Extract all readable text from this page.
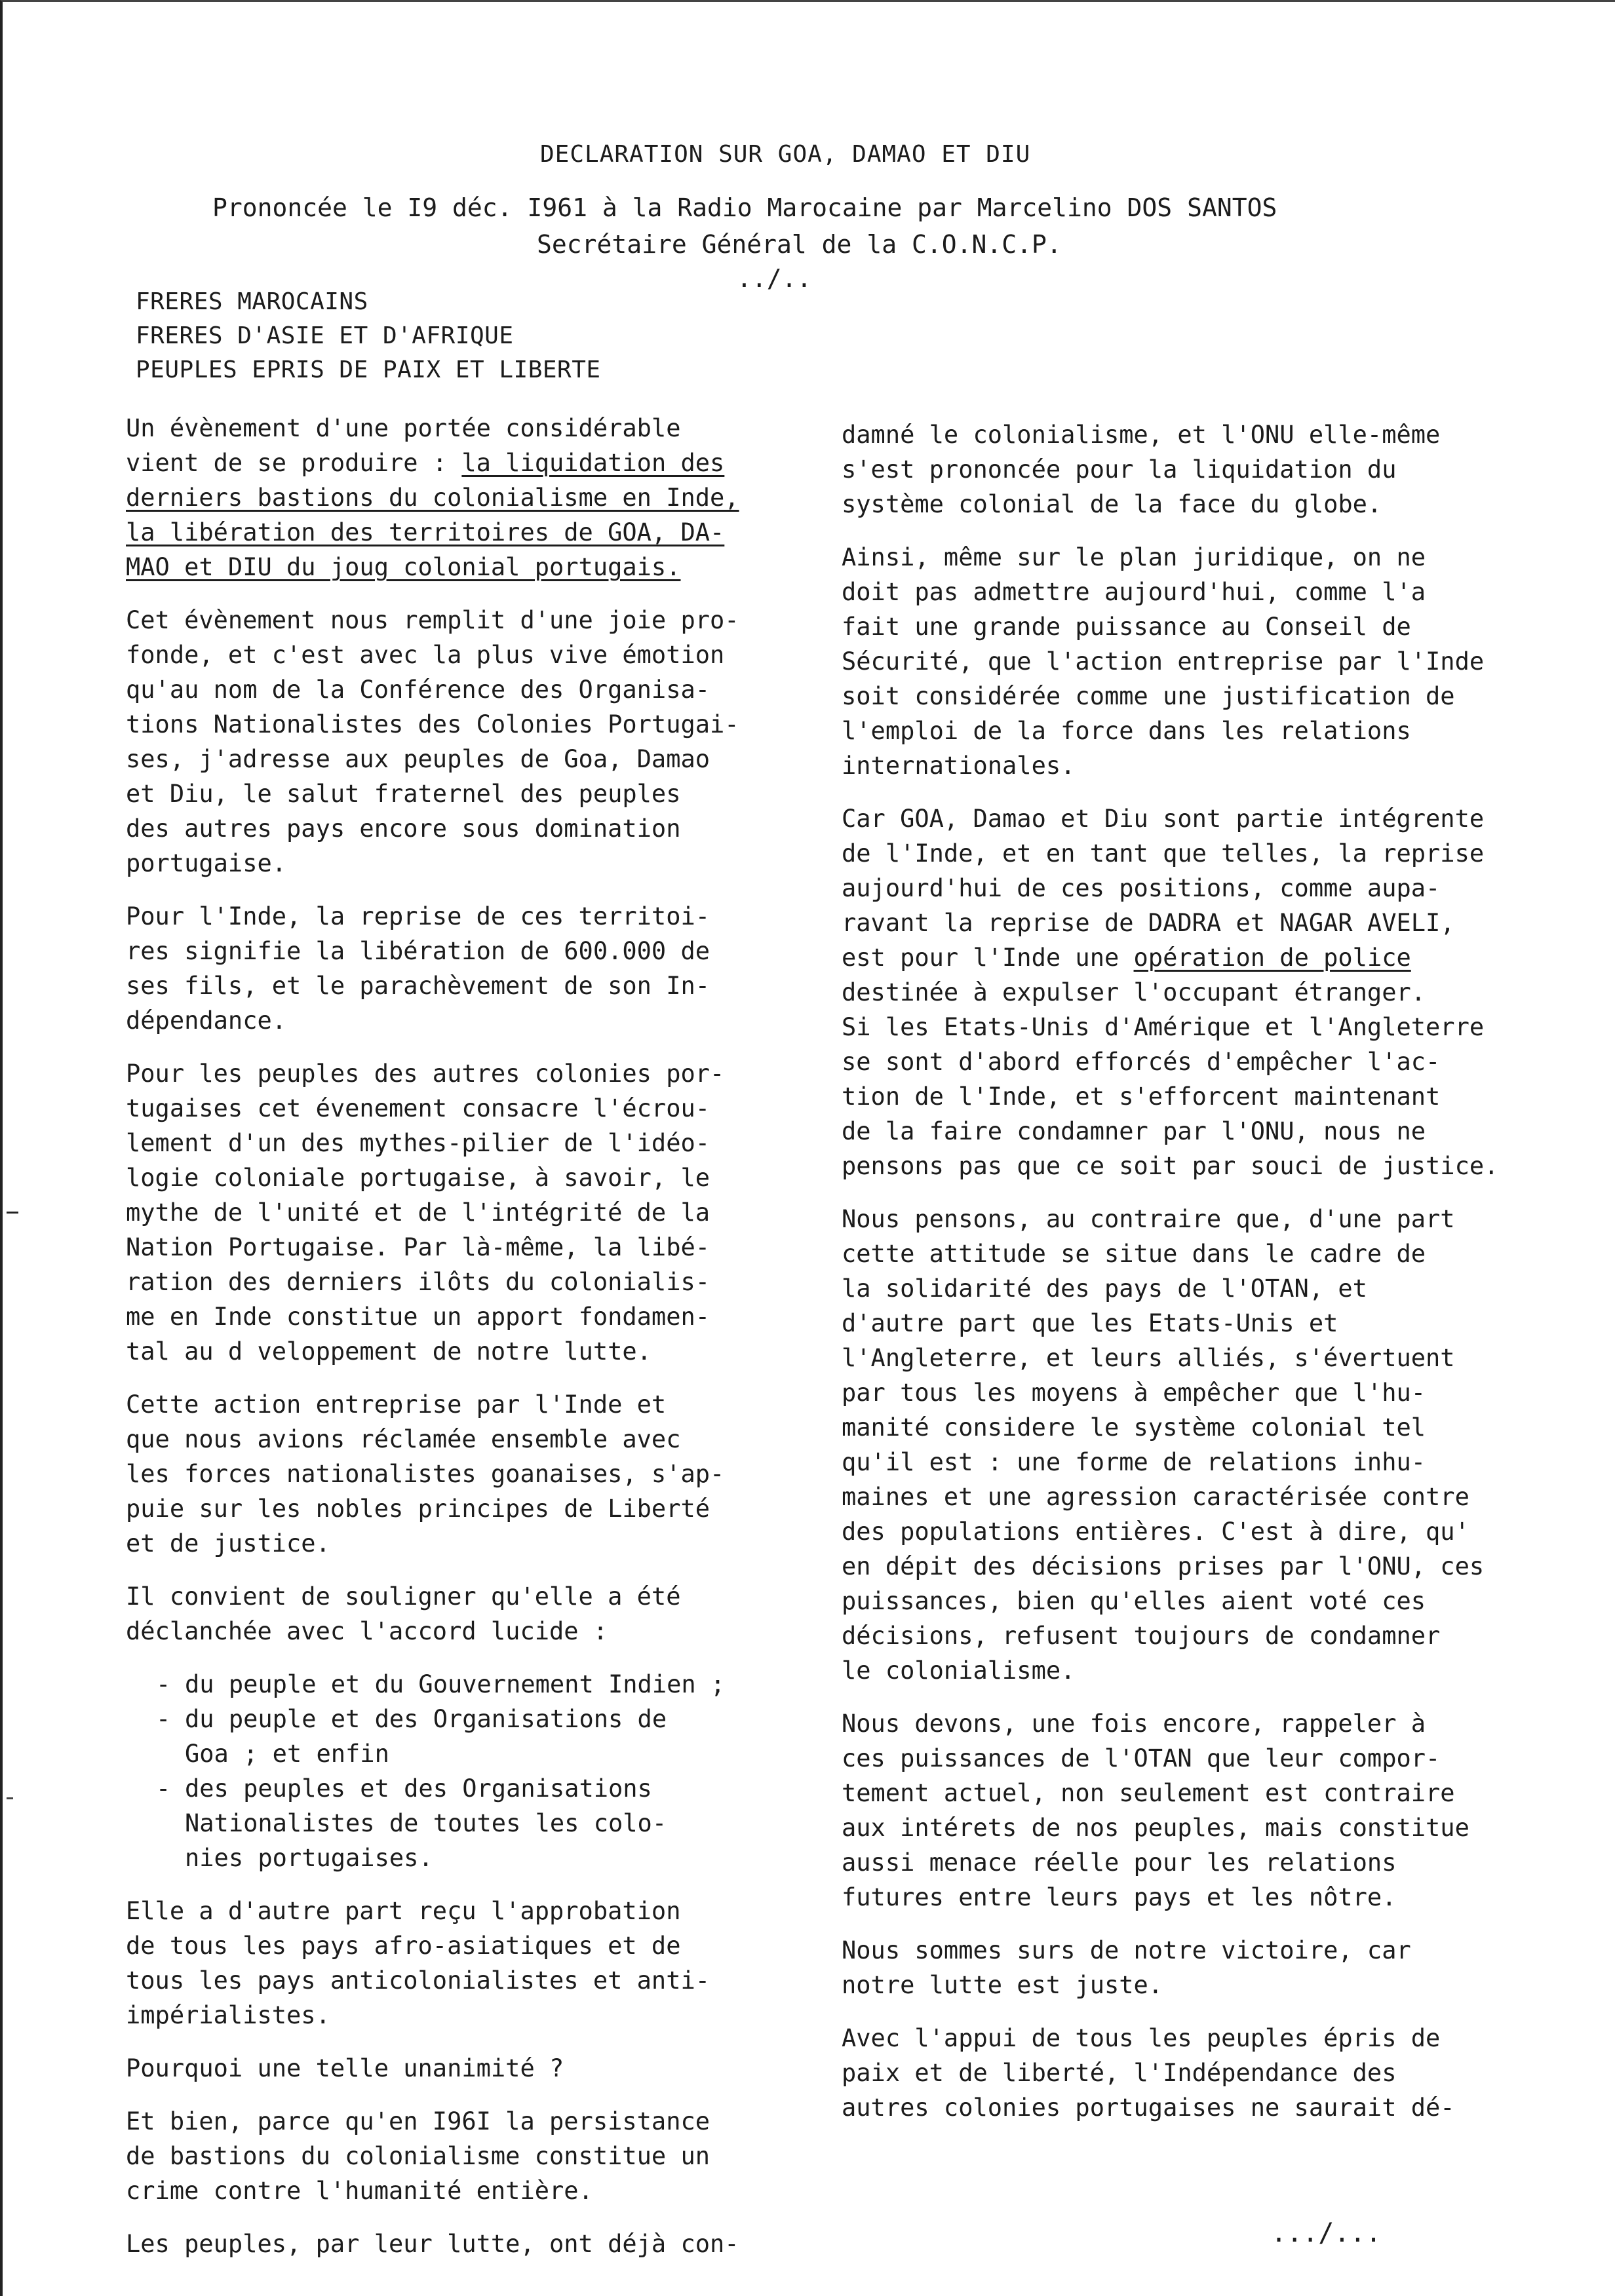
DECLARATION SUR GOA, DAMAO ET DIU
Prononcée le I9 déc. I961 à la Radio Marocaine par Marcelino DOS SANTOS
Secrétaire Général de la C.O.N.C.P.
../..
FRERES MAROCAINS
FRERES D'ASIE ET D'AFRIQUE
PEUPLES EPRIS DE PAIX ET LIBERTE

Un évènement d'une portée considérable
vient de se produire : la liquidation des
derniers bastions du colonialisme en Inde,
la libération des territoires de GOA, DA-
MAO et DIU du joug colonial portugais.

Cet évènement nous remplit d'une joie pro-
fonde, et c'est avec la plus vive émotion
qu'au nom de la Conférence des Organisa-
tions Nationalistes des Colonies Portugai-
ses, j'adresse aux peuples de Goa, Damao
et Diu, le salut fraternel des peuples
des autres pays encore sous domination
portugaise.

Pour l'Inde, la reprise de ces territoi-
res signifie la libération de 600.000 de
ses fils, et le parachèvement de son In-
dépendance.

Pour les peuples des autres colonies por-
tugaises cet évenement consacre l'écrou-
lement d'un des mythes-pilier de l'idéo-
logie coloniale portugaise, à savoir, le
mythe de l'unité et de l'intégrité de la
Nation Portugaise. Par là-même, la libé-
ration des derniers ilôts du colonialis-
me en Inde constitue un apport fondamen-
tal au d veloppement de notre lutte.

Cette action entreprise par l'Inde et
que nous avions réclamée ensemble avec
les forces nationalistes goanaises, s'ap-
puie sur les nobles principes de Liberté
et de justice.

Il convient de souligner qu'elle a été
déclanchée avec l'accord lucide :

- du peuple et du Gouvernement Indien ;
- du peuple et des Organisations de
Goa ; et enfin
- des peuples et des Organisations
Nationalistes de toutes les colo-
nies portugaises.

Elle a d'autre part reçu l'approbation
de tous les pays afro-asiatiques et de
tous les pays anticolonialistes et anti-
impérialistes.

Pourquoi une telle unanimité ?

Et bien, parce qu'en I96I la persistance
de bastions du colonialisme constitue un
crime contre l'humanité entière.

Les peuples, par leur lutte, ont déjà con-

damné le colonialisme, et l'ONU elle-même
s'est prononcée pour la liquidation du
système colonial de la face du globe.

Ainsi, même sur le plan juridique, on ne
doit pas admettre aujourd'hui, comme l'a
fait une grande puissance au Conseil de
Sécurité, que l'action entreprise par l'Inde
soit considérée comme une justification de
l'emploi de la force dans les relations
internationales.

Car GOA, Damao et Diu sont partie intégrente
de l'Inde, et en tant que telles, la reprise
aujourd'hui de ces positions, comme aupa-
ravant la reprise de DADRA et NAGAR AVELI,
est pour l'Inde une opération de police
destinée à expulser l'occupant étranger.
Si les Etats-Unis d'Amérique et l'Angleterre
se sont d'abord efforcés d'empêcher l'ac-
tion de l'Inde, et s'efforcent maintenant
de la faire condamner par l'ONU, nous ne
pensons pas que ce soit par souci de justice.

Nous pensons, au contraire que, d'une part
cette attitude se situe dans le cadre de
la solidarité des pays de l'OTAN, et
d'autre part que les Etats-Unis et
l'Angleterre, et leurs alliés, s'évertuent
par tous les moyens à empêcher que l'hu-
manité considere le système colonial tel
qu'il est : une forme de relations inhu-
maines et une agression caractérisée contre
des populations entières. C'est à dire, qu'
en dépit des décisions prises par l'ONU, ces
puissances, bien qu'elles aient voté ces
décisions, refusent toujours de condamner
le colonialisme.

Nous devons, une fois encore, rappeler à
ces puissances de l'OTAN que leur compor-
tement actuel, non seulement est contraire
aux intérets de nos peuples, mais constitue
aussi menace réelle pour les relations
futures entre leurs pays et les nôtre.

Nous sommes surs de notre victoire, car
notre lutte est juste.

Avec l'appui de tous les peuples épris de
paix et de liberté, l'Indépendance des
autres colonies portugaises ne saurait dé-

.../...
